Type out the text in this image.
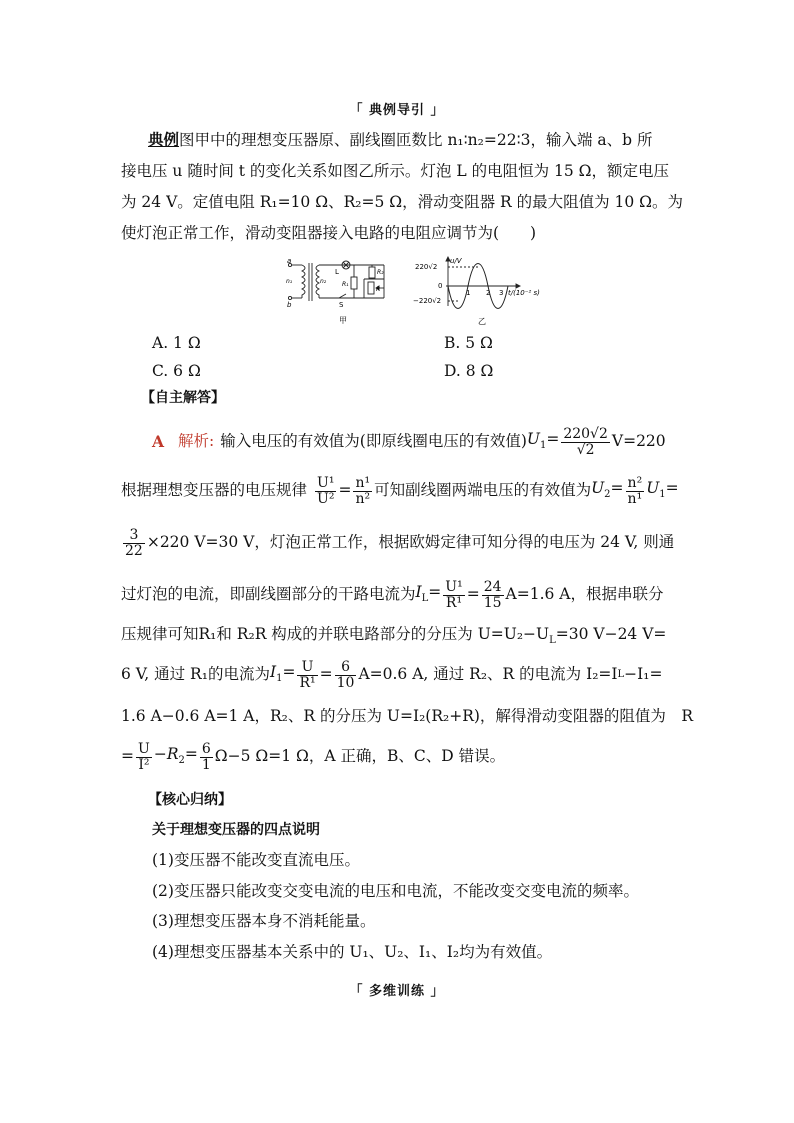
「 典例导引 」
典例图甲中的理想变压器原、副线圈匝数比 n₁∶n₂=22∶3，输入端 a、b 所
接电压 u 随时间 t 的变化关系如图乙所示。灯泡 L 的电阻恒为 15 Ω，额定电压
为 24 V。定值电阻 R₁=10 Ω、R₂=5 Ω，滑动变阻器 R 的最大阻值为 10 Ω。为
使灯泡正常工作，滑动变阻器接入电路的电阻应调节为(　　)
a
b
n₁	n₂
L
S
R₁
R₂
R
甲
u/V
220√2
0
−220√2
1 2 3 t/(10⁻² s)
乙
A. 1 Ω	B. 5 Ω
C. 6 Ω	D. 8 Ω
【自主解答】
A 解析: 输入电压的有效值为(即原线圈电压的有效值) $U_1= \frac{220√2}{√2} V=220$
根据理想变压器的电压规律 $\frac{\text{U¹}}{\text{U²}} = \frac{\text{n¹}}{\text{n²}}$ 可知副线圈两端电压的有效值为 $U_2= \frac{\text{n²}}{\text{n¹}} U_1=$
$\frac{3}{22} \times 220$ V=30 V，灯泡正常工作，根据欧姆定律可知分得的电压为 24 V, 则通
过灯泡的电流，即副线圈部分的干路电流为 $I_L= \frac{\text{U¹}}{\text{R¹}} = \frac{24}{15} A=1.6$ A，根据串联分
压规律可知R₁和 R₂R 构成的并联电路部分的分压为 $U=U_2-U_L=30$ V−24 V=
6 V, 通过 R₁的电流为 $I_1= \frac{U}{\text{R¹}} = \frac{6}{10} A=0.6$ A, 通过 R₂、R 的电流为 I₂=I L −I₁=
1.6 A−0.6 A=1 A，R₂、R 的分压为 U=I₂(R₂+R)，解得滑动变阻器的阻值为　R
= $\frac{U}{\text{I²}} -R_2= \frac{6}{1} \Omega-5$ Ω=1 Ω，A 正确，B、C、D 错误。
【核心归纳】
关于理想变压器的四点说明
(1)变压器不能改变直流电压。
(2)变压器只能改变交变电流的电压和电流，不能改变交变电流的频率。
(3)理想变压器本身不消耗能量。
(4)理想变压器基本关系中的 U₁、U₂、I₁、I₂均为有效值。
「 多维训练 」
